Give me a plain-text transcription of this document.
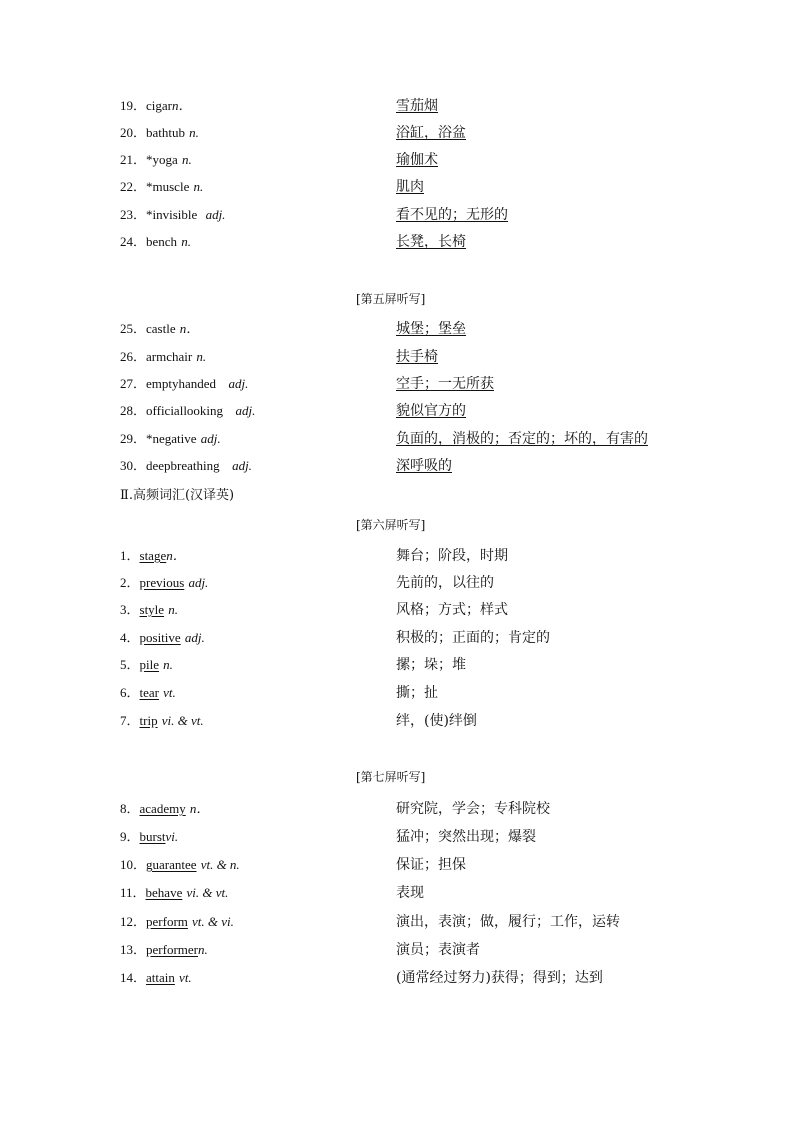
19．cigarn．	雪茄烟
20．bathtub n.	浴缸，浴盆
21．*yoga n.	瑜伽术
22．*muscle n.	肌肉
23．*invisible adj.	看不见的；无形的
24．bench n.	长凳，长椅
[第五屏听写]
25．castle n．	城堡；堡垒
26．armchair n.	扶手椅
27．emptyhanded adj.	空手；一无所获
28．officiallooking adj.	貌似官方的
29．*negative adj.	负面的，消极的；否定的；坏的，有害的
30．deepbreathing adj.	深呼吸的
Ⅱ.高频词汇(汉译英)
[第六屏听写]
1．stagen．	舞台；阶段，时期
2．previous adj.	先前的，以往的
3．style n.	风格；方式；样式
4．positive adj.	积极的；正面的；肯定的
5．pile n.	摞；垛；堆
6．tear vt.	撕；扯
7．trip vi. & vt.	绊，(使)绊倒
[第七屏听写]
8．academy n．	研究院，学会；专科院校
9．burstvi.	猛冲；突然出现；爆裂
10．guarantee vt. & n.	保证；担保
11．behave vi. & vt.	表现
12．perform vt. & vi.	演出，表演；做，履行；工作，运转
13．performern.	演员；表演者
14．attain vt.	(通常经过努力)获得；得到；达到
